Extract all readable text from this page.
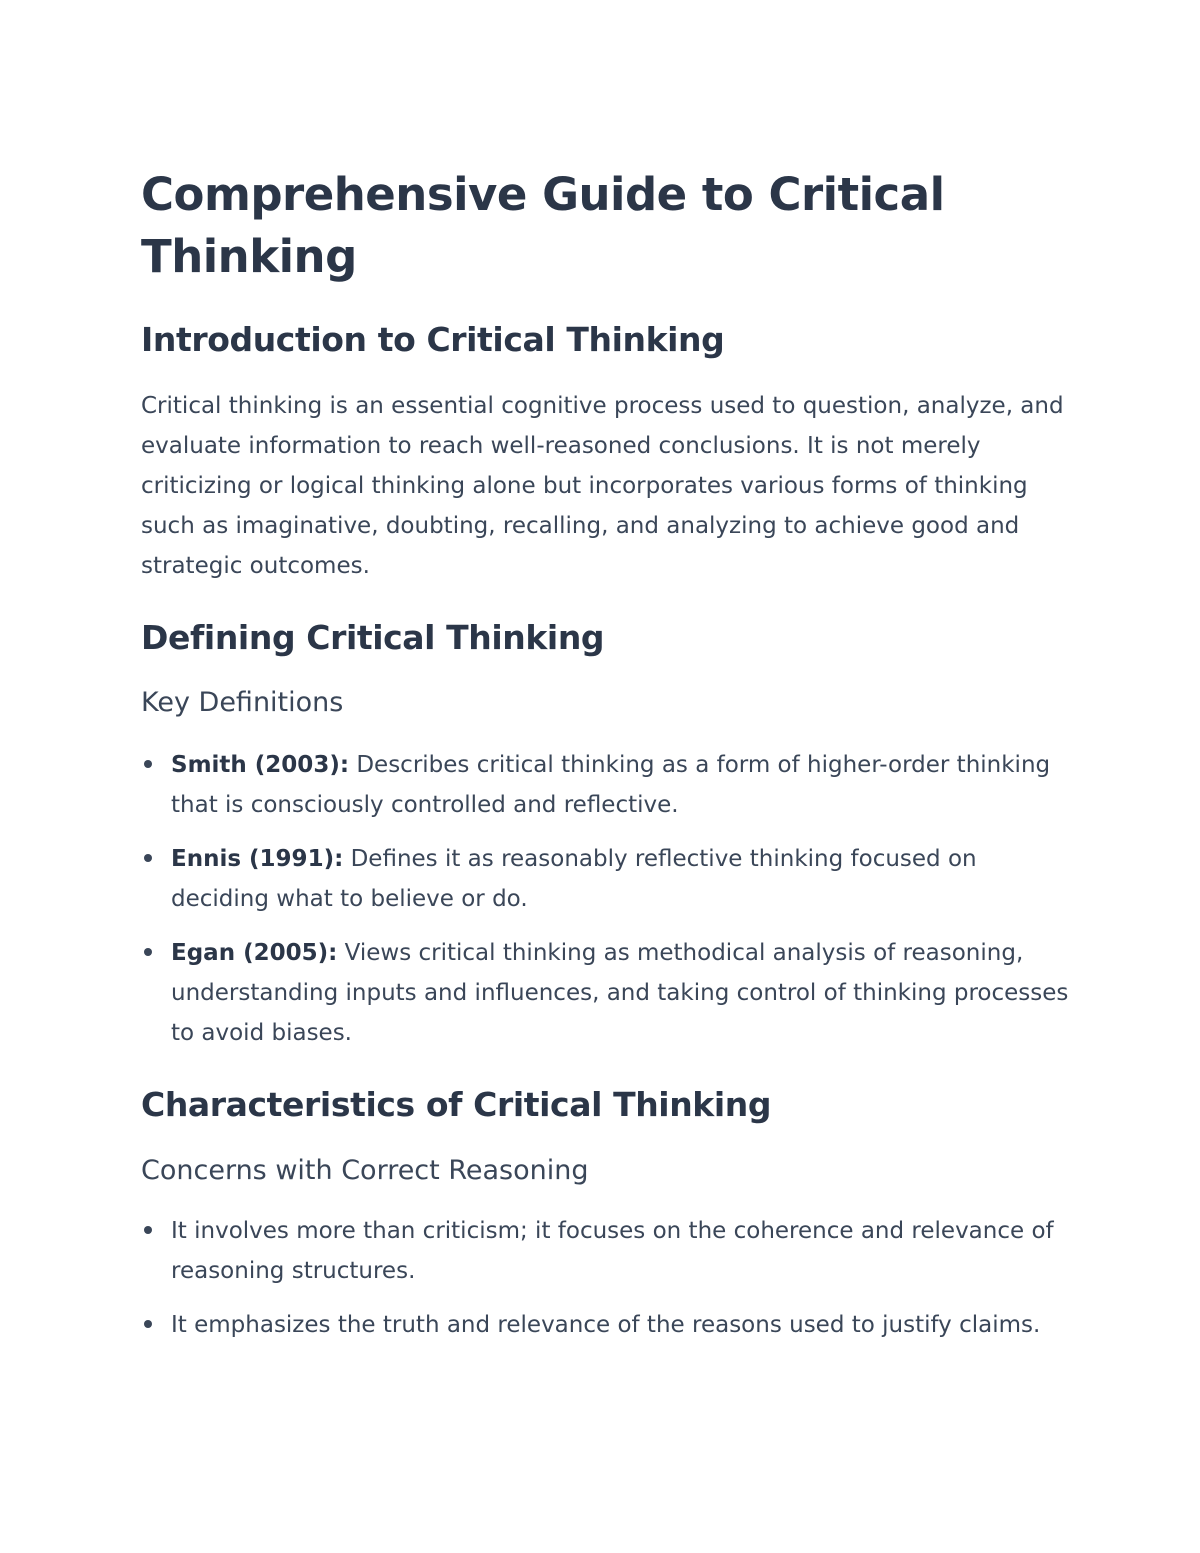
Comprehensive Guide to Critical Thinking
Introduction to Critical Thinking

Critical thinking is an essential cognitive process used to question, analyze, and evaluate information to reach well-reasoned conclusions. It is not merely criticizing or logical thinking alone but incorporates various forms of thinking such as imaginative, doubting, recalling, and analyzing to achieve good and strategic outcomes.

Defining Critical Thinking
Key Definitions
Smith (2003): Describes critical thinking as a form of higher-order thinking that is consciously controlled and reflective.
Ennis (1991): Defines it as reasonably reflective thinking focused on deciding what to believe or do.
Egan (2005): Views critical thinking as methodical analysis of reasoning, understanding inputs and influences, and taking control of thinking processes to avoid biases.
Characteristics of Critical Thinking
Concerns with Correct Reasoning
It involves more than criticism; it focuses on the coherence and relevance of reasoning structures.
It emphasizes the truth and relevance of the reasons used to justify claims.
